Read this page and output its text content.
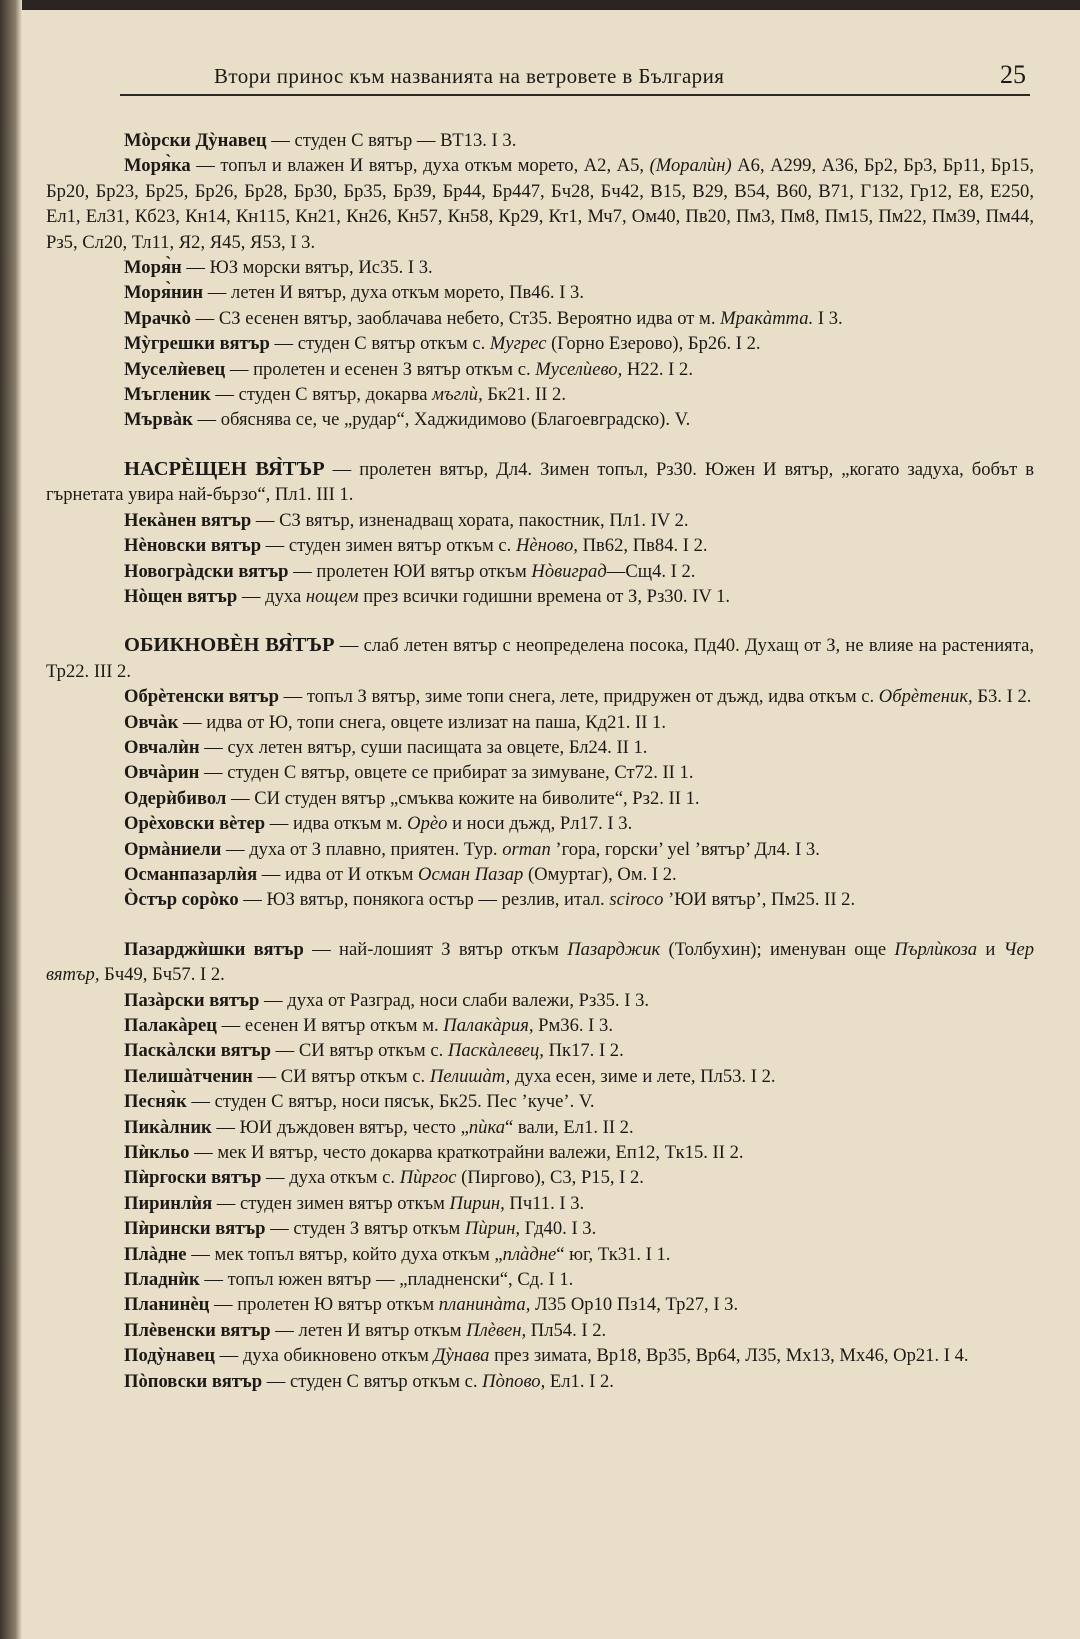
Втори принос към названията на ветровете в България	25

Мòрски Дỳнавец — студен С вятър — ВТ13. I 3.

Моря̀ка — топъл и влажен И вятър, духа откъм морето, А2, А5, (Моралѝн) А6, А299, А36, Бр2, Бр3, Бр11, Бр15, Бр20, Бр23, Бр25, Бр26, Бр28, Бр30, Бр35, Бр39, Бр44, Бр447, Бч28, Бч42, В15, В29, В54, В60, В71, Г132, Гр12, Е8, Е250, Ел1, Ел31, Кб23, Кн14, Кн115, Кн21, Кн26, Кн57, Кн58, Кр29, Кт1, Мч7, Ом40, Пв20, Пм3, Пм8, Пм15, Пм22, Пм39, Пм44, Рз5, Сл20, Тл11, Я2, Я45, Я53, I 3.

Моря̀н — ЮЗ морски вятър, Ис35. I 3.

Моря̀нин — летен И вятър, духа откъм морето, Пв46. I 3.

Мрачкò — СЗ есенен вятър, заоблачава небето, Ст35. Вероятно идва от м. Мракàтта. I 3.

Мỳгрешки вятър — студен С вятър откъм с. Мугрес (Горно Езерово), Бр26. I 2.

Муселѝевец — пролетен и есенен З вятър откъм с. Муселѝево, Н22. I 2.

Мъгленик — студен С вятър, докарва мъглѝ, Бк21. II 2.

Мървàк — обяснява се, че „рудар“, Хаджидимово (Благоевградско). V.

НАСРЀЩЕН ВЯ̀ТЪР — пролетен вятър, Дл4. Зимен топъл, Рз30. Южен И вятър, „когато задуха, бобът в гърнетата увира най-бързо“, Пл1. III 1.

Некàнен вятър — СЗ вятър, изненадващ хората, пакостник, Пл1. IV 2.

Нèновски вятър — студен зимен вятър откъм с. Нèново, Пв62, Пв84. I 2.

Новогрàдски вятър — пролетен ЮИ вятър откъм Нòвиград—Сщ4. I 2.

Нòщен вятър — духа нощем през всички годишни времена от З, Рз30. IV 1.

ОБИКНОВЀН ВЯ̀ТЪР — слаб летен вятър с неопределена посока, Пд40. Духащ от З, не влияе на растенията, Тр22. III 2.

Обрèтенски вятър — топъл З вятър, зиме топи снега, лете, придружен от дъжд, идва откъм с. Обрèтеник, Б3. I 2.

Овчàк — идва от Ю, топи снега, овцете излизат на паша, Кд21. II 1.

Овчалѝн — сух летен вятър, суши пасищата за овцете, Бл24. II 1.

Овчàрин — студен С вятър, овцете се прибират за зимуване, Ст72. II 1.

Одерѝбивол — СИ студен вятър „смъква кожите на биволите“, Рз2. II 1.

Орѐховски вѐтер — идва откъм м. Орèо и носи дъжд, Рл17. I 3.

Ормàниели — духа от З плавно, приятен. Тур. orman ’гора, горски’ yel ’вятър’ Дл4. I 3.

Османпазарлѝя — идва от И откъм Осман Пазар (Омуртаг), Ом. I 2.

Òстър сорòко — ЮЗ вятър, понякога остър — резлив, итал. sciroco ’ЮИ вятър’, Пм25. II 2.

Пазарджѝшки вятър — най-лошият З вятър откъм Пазарджик (Толбухин); именуван още Пърлѝкоза и Чер вятър, Бч49, Бч57. I 2.

Пазàрски вятър — духа от Разград, носи слаби валежи, Рз35. I 3.

Палакàрец — есенен И вятър откъм м. Палакàрия, Рм36. I 3.

Паскàлски вятър — СИ вятър откъм с. Паскàлевец, Пк17. I 2.

Пелишàтченин — СИ вятър откъм с. Пелишàт, духа есен, зиме и лете, Пл53. I 2.

Песня̀к — студен С вятър, носи пясък, Бк25. Пес ’куче’. V.

Пикàлник — ЮИ дъждовен вятър, често „пѝка“ вали, Ел1. II 2.

Пѝкльо — мек И вятър, често докарва краткотрайни валежи, Еп12, Тк15. II 2.

Пѝргоски вятър — духа откъм с. Пѝргос (Пиргово), С3, Р15, I 2.

Пиринлѝя — студен зимен вятър откъм Пирин, Пч11. I 3.

Пѝрински вятър — студен З вятър откъм Пѝрин, Гд40. I 3.

Плàдне — мек топъл вятър, който духа откъм „плàдне“ юг, Тк31. I 1.

Пладнѝк — топъл южен вятър — „пладненски“, Сд. I 1.

Планинѐц — пролетен Ю вятър откъм планинàта, Л35 Ор10 Пз14, Тр27, I 3.

Плèвенски вятър — летен И вятър откъм Плèвен, Пл54. I 2.

Подỳнавец — духа обикновено откъм Дỳнава през зимата, Вр18, Вр35, Вр64, Л35, Мх13, Мх46, Ор21. I 4.

Пòповски вятър — студен С вятър откъм с. Пòпово, Ел1. I 2.
